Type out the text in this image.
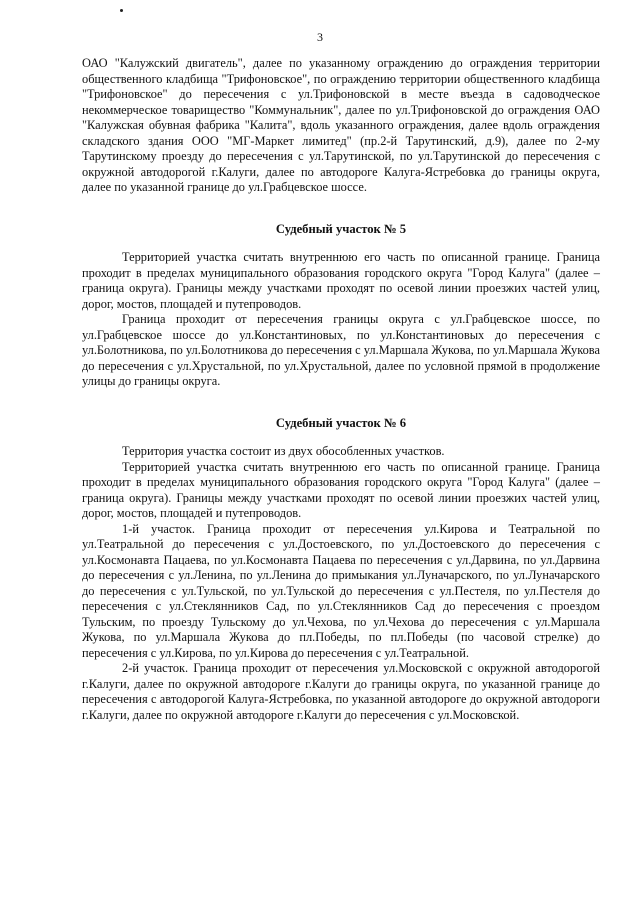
3

ОАО "Калужский двигатель", далее по указанному ограждению до ограждения территории общественного кладбища "Трифоновское", по ограждению территории общественного кладбища "Трифоновское" до пересечения с ул.Трифоновской в месте въезда в садоводческое некоммерческое товарищество "Коммунальник", далее по ул.Трифоновской до ограждения ОАО "Калужская обувная фабрика "Калита", вдоль указанного ограждения, далее вдоль ограждения складского здания ООО "МГ-Маркет лимитед" (пр.2-й Тарутинский, д.9), далее по 2-му Тарутинскому проезду до пересечения с ул.Тарутинской, по ул.Тарутинской до пересечения с окружной автодорогой г.Калуги, далее по автодороге Калуга-Ястребовка до границы округа, далее по указанной границе до ул.Грабцевское шоссе.

Судебный участок № 5

Территорией участка считать внутреннюю его часть по описанной границе. Граница проходит в пределах муниципального образования городского округа "Город Калуга" (далее – граница округа). Границы между участками проходят по осевой линии проезжих частей улиц, дорог, мостов, площадей и путепроводов.

Граница проходит от пересечения границы округа с ул.Грабцевское шоссе, по ул.Грабцевское шоссе до ул.Константиновых, по ул.Константиновых до пересечения с ул.Болотникова, по ул.Болотникова до пересечения с ул.Маршала Жукова, по ул.Маршала Жукова до пересечения с ул.Хрустальной, по ул.Хрустальной, далее по условной прямой в продолжение улицы до границы округа.

Судебный участок № 6

Территория участка состоит из двух обособленных участков.

Территорией участка считать внутреннюю его часть по описанной границе. Граница проходит в пределах муниципального образования городского округа "Город Калуга" (далее – граница округа). Границы между участками проходят по осевой линии проезжих частей улиц, дорог, мостов, площадей и путепроводов.

1-й участок. Граница проходит от пересечения ул.Кирова и Театральной по ул.Театральной до пересечения с ул.Достоевского, по ул.Достоевского до пересечения с ул.Космонавта Пацаева, по ул.Космонавта Пацаева по пересечения с ул.Дарвина, по ул.Дарвина до пересечения с ул.Ленина, по ул.Ленина до примыкания ул.Луначарского, по ул.Луначарского до пересечения с ул.Тульской, по ул.Тульской до пересечения с ул.Пестеля, по ул.Пестеля до пересечения с ул.Стеклянников Сад, по ул.Стеклянников Сад до пересечения с проездом Тульским, по проезду Тульскому до ул.Чехова, по ул.Чехова до пересечения с ул.Маршала Жукова, по ул.Маршала Жукова до пл.Победы, по пл.Победы (по часовой стрелке) до пересечения с ул.Кирова, по ул.Кирова до пересечения с ул.Театральной.

2-й участок. Граница проходит от пересечения ул.Московской с окружной автодорогой г.Калуги, далее по окружной автодороге г.Калуги до границы округа, по указанной границе до пересечения с автодорогой Калуга-Ястребовка, по указанной автодороге до окружной автодороги г.Калуги, далее по окружной автодороге г.Калуги до пересечения с ул.Московской.
